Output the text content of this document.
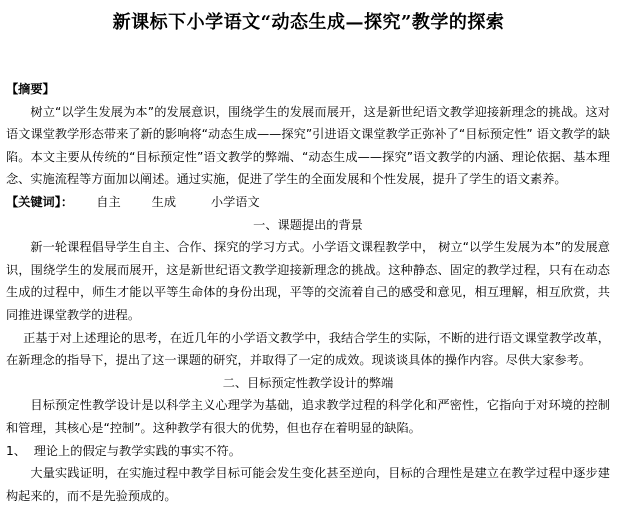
新课标下小学语文“动态生成—探究”教学的探索

【摘要】

树立“以学生发展为本”的发展意识，围绕学生的发展而展开，这是新世纪语文教学迎接新理念的挑战。这对语文课堂教学形态带来了新的影响将“动态生成——探究”引进语文课堂教学正弥补了“目标预定性” 语文教学的缺陷。本文主要从传统的“目标预定性”语文教学的弊端、“动态生成——探究”语文教学的内涵、理论依据、基本理念、实施流程等方面加以阐述。通过实施，促进了学生的全面发展和个性发展，提升了学生的语文素养。

【关键词】： 自主	生成	小学语文

一、课题提出的背景

新一轮课程倡导学生自主、合作、探究的学习方式。小学语文课程教学中， 树立“以学生发展为本”的发展意识，围绕学生的发展而展开，这是新世纪语文教学迎接新理念的挑战。这种静态、固定的教学过程，只有在动态生成的过程中，师生才能以平等生命体的身份出现，平等的交流着自己的感受和意见，相互理解，相互欣赏，共同推进课堂教学的进程。

正基于对上述理论的思考，在近几年的小学语文教学中，我结合学生的实际，不断的进行语文课堂教学改革，在新理念的指导下，提出了这一课题的研究，并取得了一定的成效。现谈谈具体的操作内容。尽供大家参考。

二、目标预定性教学设计的弊端

目标预定性教学设计是以科学主义心理学为基础，追求教学过程的科学化和严密性，它指向于对环境的控制和管理，其核心是“控制”。这种教学有很大的优势，但也存在着明显的缺陷。

1、 理论上的假定与教学实践的事实不符。

大量实践证明，在实施过程中教学目标可能会发生变化甚至逆向，目标的合理性是建立在教学过程中逐步建构起来的，而不是先验预成的。
